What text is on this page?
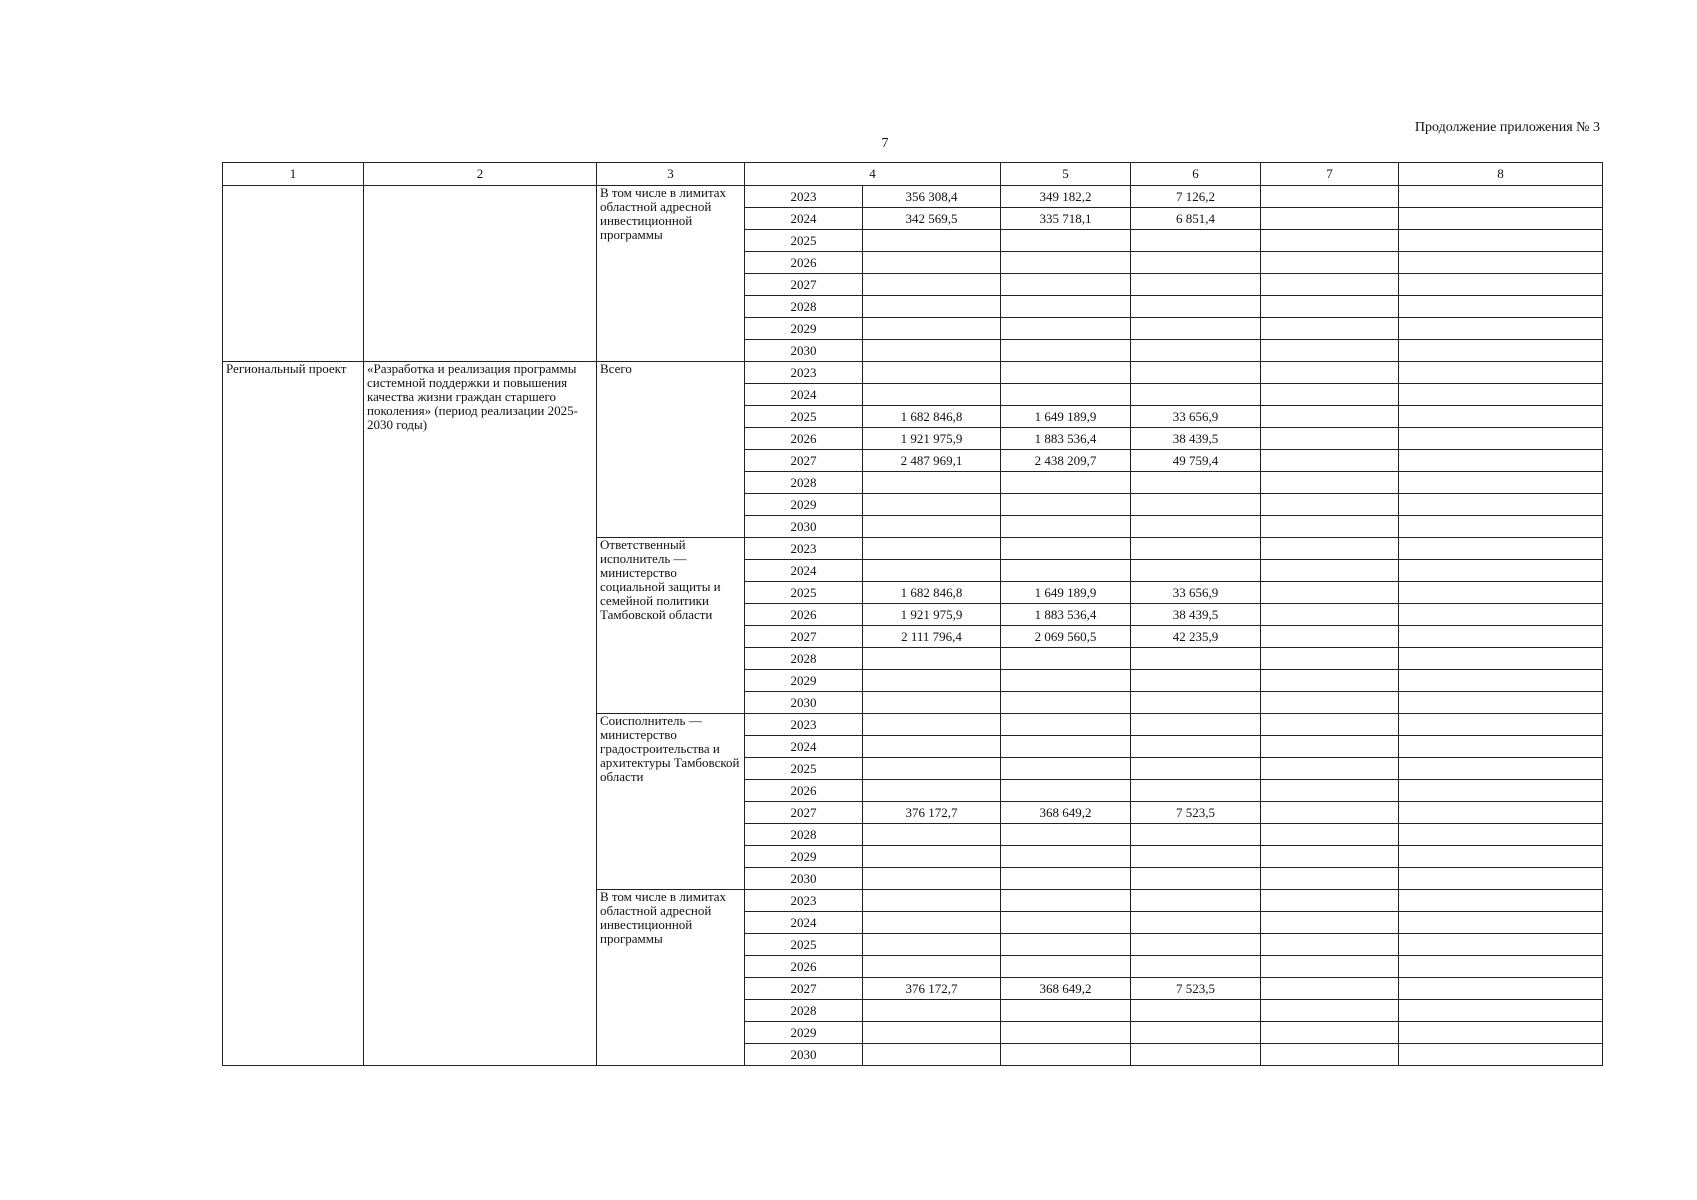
7
Продолжение приложения № 3
1	2	3	4		5	6	7	8
		В том числе в лимитах областной адресной инвестиционной программы	2023	356 308,4	349 182,2	7 126,2		
			2024	342 569,5	335 718,1	6 851,4		
			2025					
			2026					
			2027					
			2028					
			2029					
			2030					
Региональный проект	«Разработка и реализация программы системной поддержки и повышения качества жизни граждан старшего поколения» (период реализации 2025-2030 годы)	Всего	2023					
			2024					
			2025	1 682 846,8	1 649 189,9	33 656,9		
			2026	1 921 975,9	1 883 536,4	38 439,5		
			2027	2 487 969,1	2 438 209,7	49 759,4		
			2028					
			2029					
			2030					
		Ответственный исполнитель — министерство социальной защиты и семейной политики Тамбовской области	2023					
			2024					
			2025	1 682 846,8	1 649 189,9	33 656,9		
			2026	1 921 975,9	1 883 536,4	38 439,5		
			2027	2 111 796,4	2 069 560,5	42 235,9		
			2028					
			2029					
			2030					
		Соисполнитель — министерство градостроительства и архитектуры Тамбовской области	2023					
			2024					
			2025					
			2026					
			2027	376 172,7	368 649,2	7 523,5		
			2028					
			2029					
			2030					
		В том числе в лимитах областной адресной инвестиционной программы	2023					
			2024					
			2025					
			2026					
			2027	376 172,7	368 649,2	7 523,5		
			2028					
			2029					
			2030					
